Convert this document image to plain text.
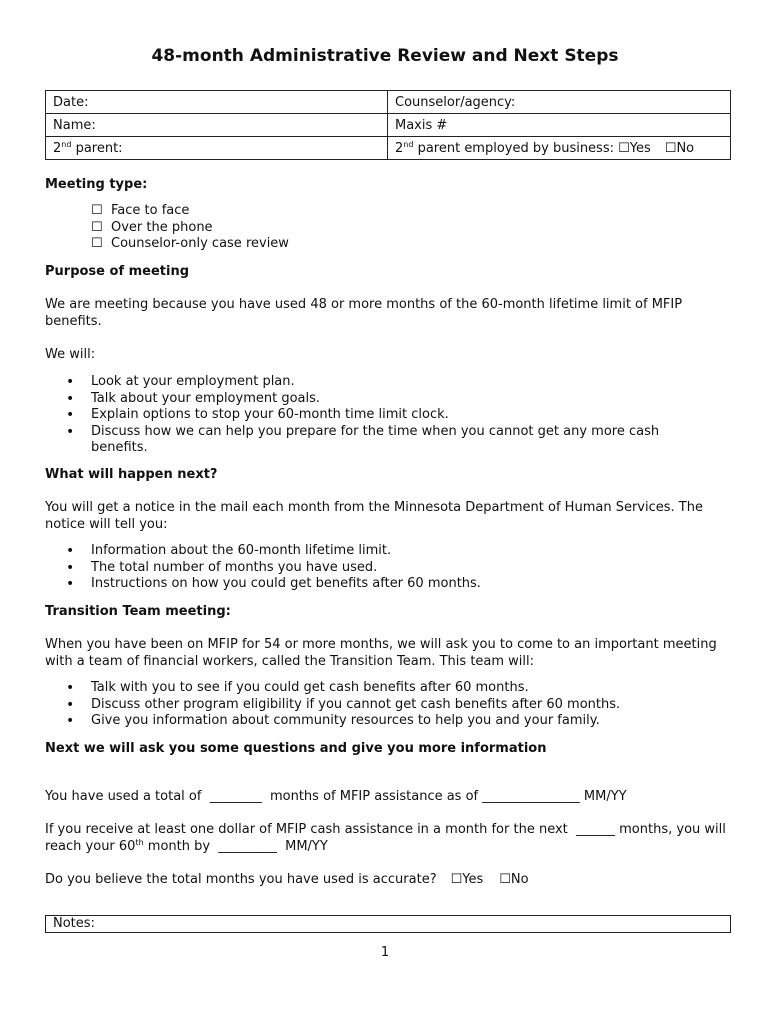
48-month Administrative Review and Next Steps
Date:	Counselor/agency:
Name:	Maxis #
2nd parent:	2nd parent employed by business: ☐Yes ☐No
Meeting type:
☐ Face to face
☐ Over the phone
☐ Counselor-only case review
Purpose of meeting
We are meeting because you have used 48 or more months of the 60-month lifetime limit of MFIP benefits.
We will:
• Look at your employment plan.
• Talk about your employment goals.
• Explain options to stop your 60-month time limit clock.
• Discuss how we can help you prepare for the time when you cannot get any more cash benefits.
What will happen next?
You will get a notice in the mail each month from the Minnesota Department of Human Services. The notice will tell you:
• Information about the 60-month lifetime limit.
• The total number of months you have used.
• Instructions on how you could get benefits after 60 months.
Transition Team meeting:
When you have been on MFIP for 54 or more months, we will ask you to come to an important meeting with a team of financial workers, called the Transition Team. This team will:
• Talk with you to see if you could get cash benefits after 60 months.
• Discuss other program eligibility if you cannot get cash benefits after 60 months.
• Give you information about community resources to help you and your family.
Next we will ask you some questions and give you more information
You have used a total of  ________  months of MFIP assistance as of _______________ MM/YY
If you receive at least one dollar of MFIP cash assistance in a month for the next  ______ months, you will reach your 60th month by  _________  MM/YY
Do you believe the total months you have used is accurate? ☐Yes ☐No
Notes:
1
